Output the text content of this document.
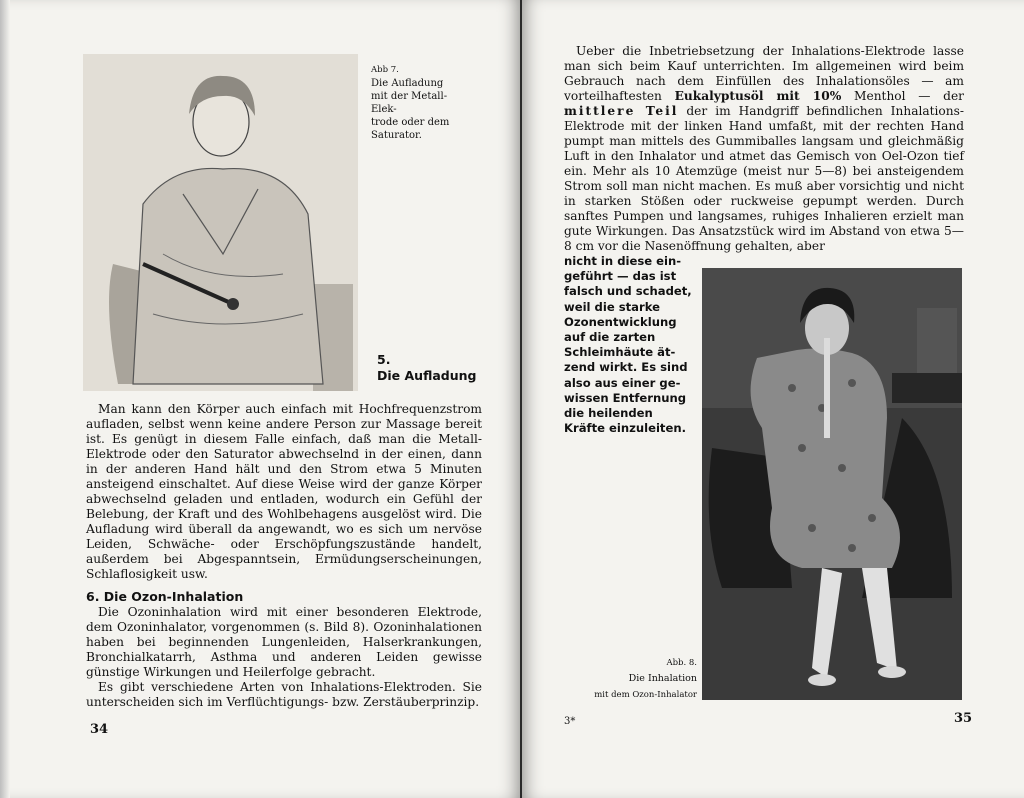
Abb 7.
Die Aufladung
mit der Metall-Elek-
trode oder dem
Saturator.
5.
Die Aufladung
Man kann den Körper auch einfach mit Hochfrequenzstrom aufladen, selbst wenn keine andere Person zur Massage bereit ist. Es genügt in diesem Falle einfach, daß man die Metall-Elektrode oder den Saturator abwechselnd in der einen, dann in der anderen Hand hält und den Strom etwa 5 Minuten ansteigend einschaltet. Auf diese Weise wird der ganze Körper abwechselnd geladen und entladen, wodurch ein Gefühl der Belebung, der Kraft und des Wohlbehagens ausgelöst wird. Die Aufladung wird überall da angewandt, wo es sich um nervöse Leiden, Schwäche- oder Erschöpfungszustände handelt, außerdem bei Abgespanntsein, Ermüdungserscheinungen, Schlaflosigkeit usw.
6. Die Ozon-Inhalation
Die Ozoninhalation wird mit einer besonderen Elektrode, dem Ozoninhalator, vorgenommen (s. Bild 8). Ozoninhalationen haben bei beginnenden Lungenleiden, Halserkrankungen, Bronchialkatarrh, Asthma und anderen Leiden gewisse günstige Wirkungen und Heilerfolge gebracht.
Es gibt verschiedene Arten von Inhalations-Elektroden. Sie unterscheiden sich im Verflüchtigungs- bzw. Zerstäuberprinzip.
34
Ueber die Inbetriebsetzung der Inhalations-Elektrode lasse man sich beim Kauf unterrichten. Im allgemeinen wird beim Gebrauch nach dem Einfüllen des Inhalationsöles — am vorteilhaftesten Eukalyptusöl mit 10% Menthol — der mittlere Teil der im Handgriff befindlichen Inhalations-Elektrode mit der linken Hand umfaßt, mit der rechten Hand pumpt man mittels des Gummiballes langsam und gleichmäßig Luft in den Inhalator und atmet das Gemisch von Oel-Ozon tief ein. Mehr als 10 Atemzüge (meist nur 5—8) bei ansteigendem Strom soll man nicht machen. Es muß aber vorsichtig und nicht in starken Stößen oder ruckweise gepumpt werden. Durch sanftes Pumpen und langsames, ruhiges Inhalieren erzielt man gute Wirkungen. Das Ansatzstück wird im Abstand von etwa 5—8 cm vor die Nasenöffnung gehalten, aber
nicht in diese ein-
geführt — das ist
falsch und schadet,
weil die starke
Ozonentwicklung
auf die zarten
Schleimhäute ät-
zend wirkt. Es sind
also aus einer ge-
wissen Entfernung
die heilenden
Kräfte einzuleiten.
Abb. 8.
Die Inhalation
mit dem Ozon-Inhalator
3*	35
